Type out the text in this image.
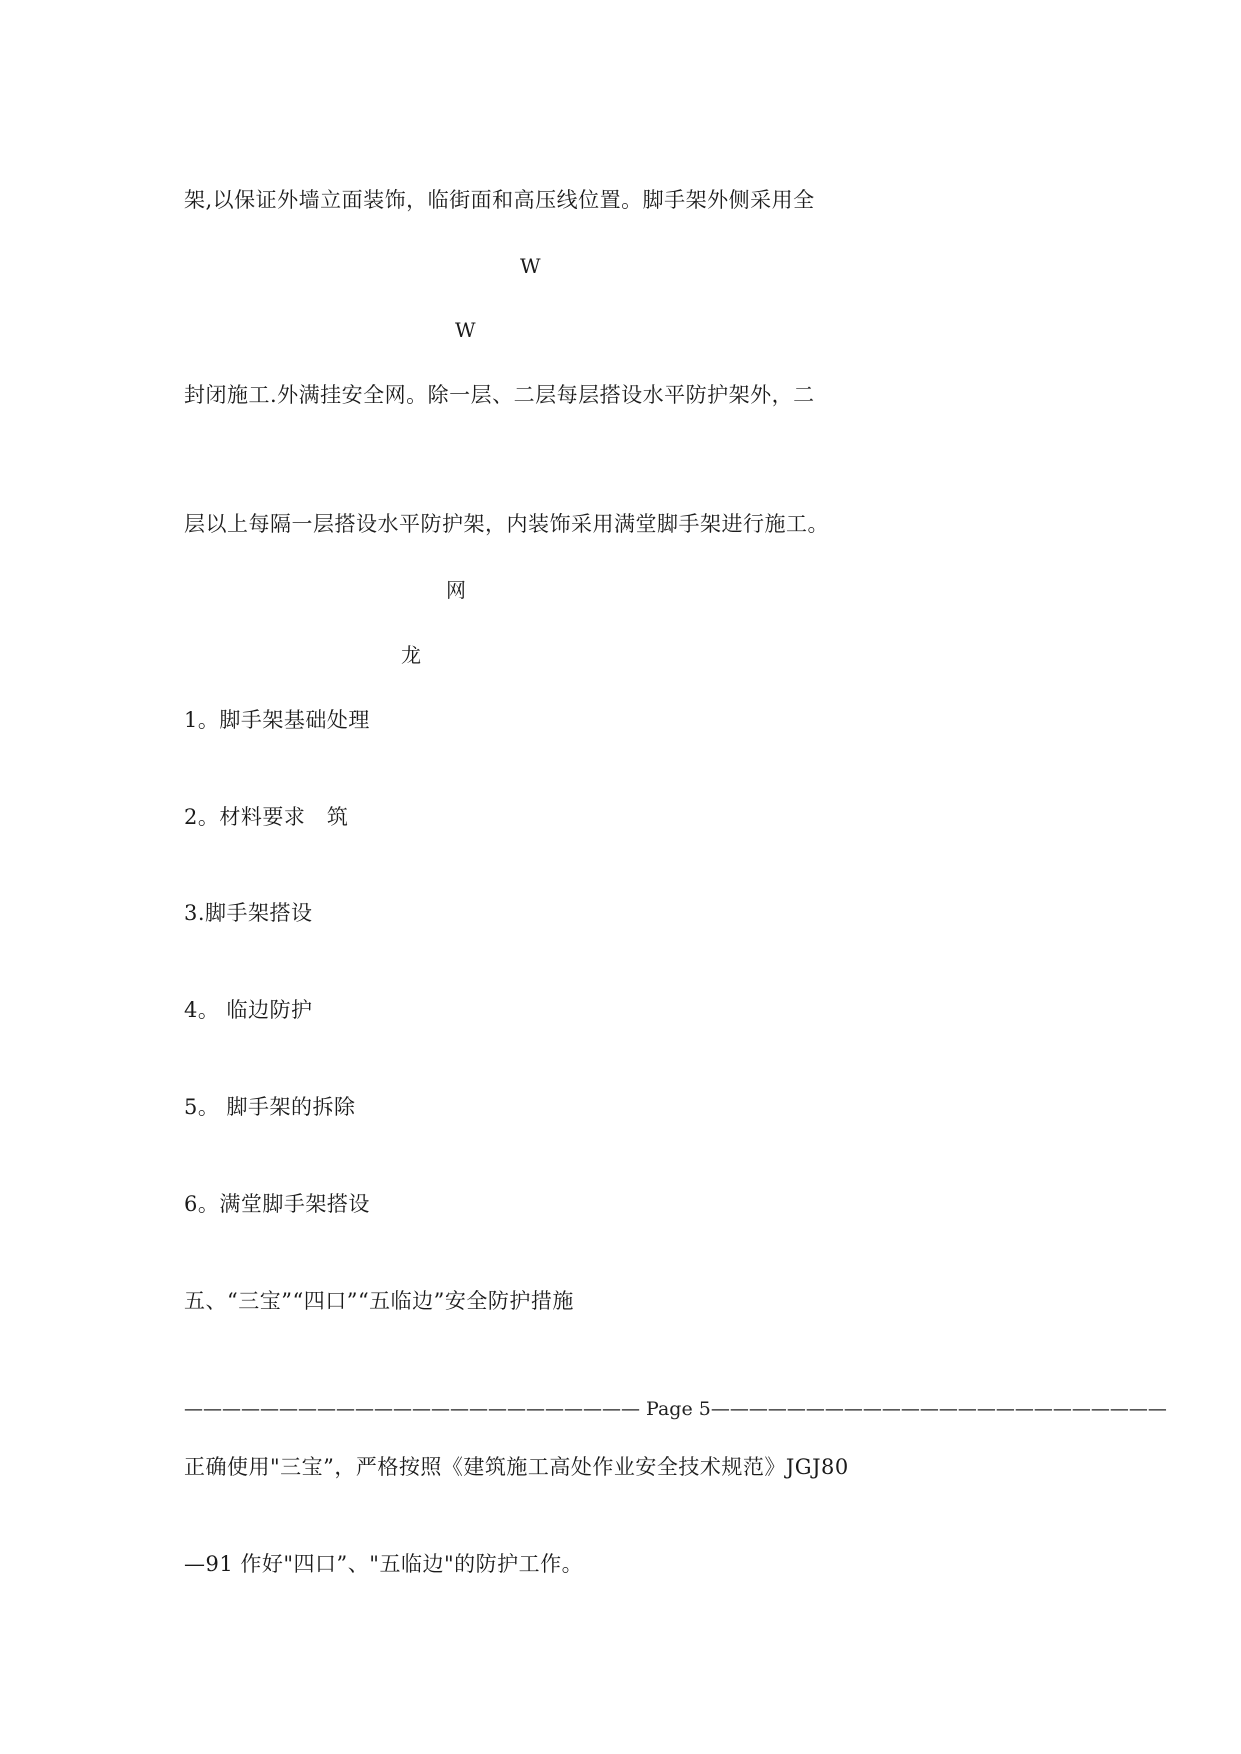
架,以保证外墙立面装饰，临街面和高压线位置。脚手架外侧采用全
W
W
封闭施工.外满挂安全网。除一层、二层每层搭设水平防护架外，二
层以上每隔一层搭设水平防护架，内装饰采用满堂脚手架进行施工。
网
龙
1。脚手架基础处理
2。材料要求   筑
3.脚手架搭设
4。 临边防护
5。 脚手架的拆除
6。满堂脚手架搭设
五、“三宝”“四口”“五临边”安全防护措施
———————————————————————— Page 5————————————————————————
正确使用"三宝”，严格按照《建筑施工高处作业安全技术规范》JGJ80
—91 作好"四口”、"五临边"的防护工作。
